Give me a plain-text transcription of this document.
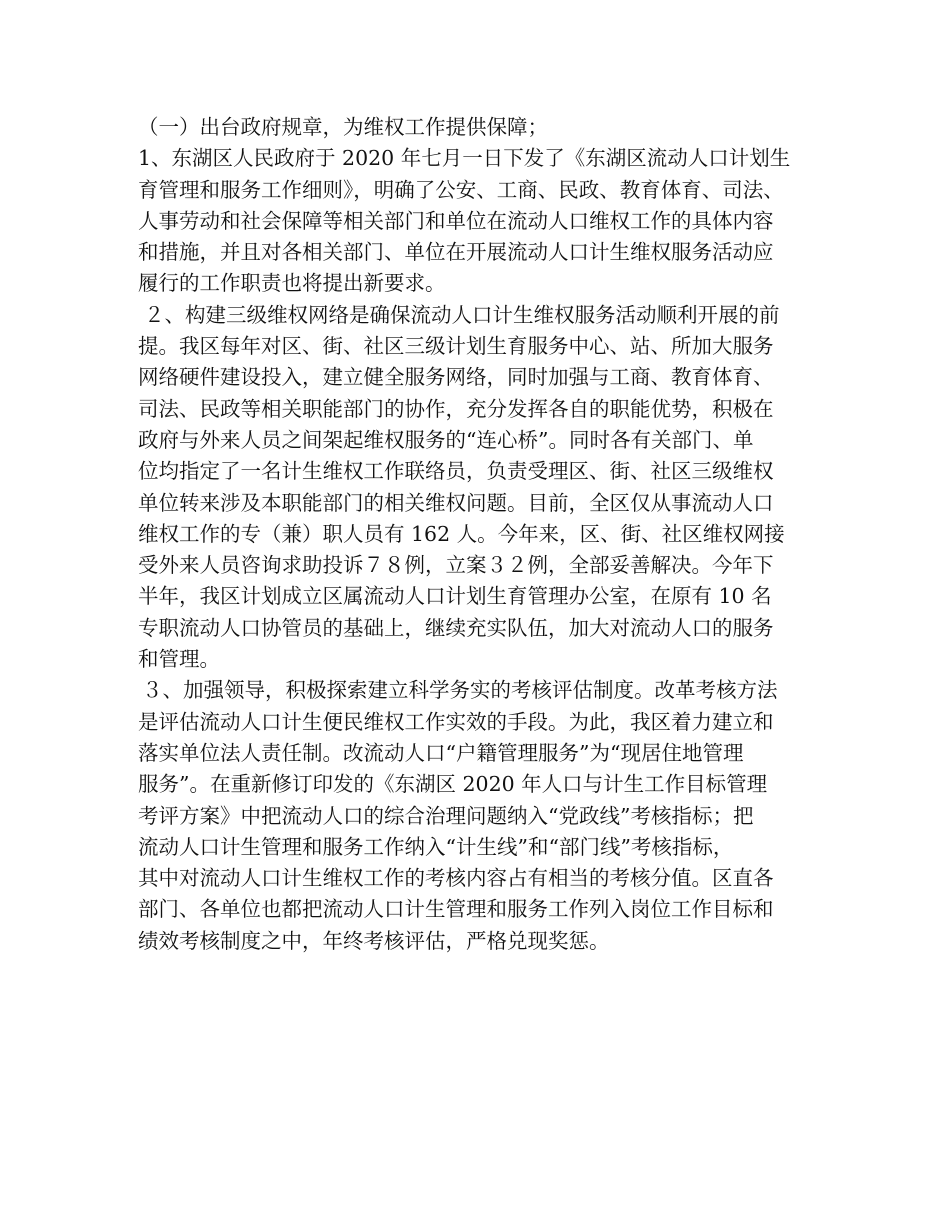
（一）出台政府规章，为维权工作提供保障；
1、东湖区人民政府于 2020 年七月一日下发了《东湖区流动人口计划生
育管理和服务工作细则》，明确了公安、工商、民政、教育体育、司法、
人事劳动和社会保障等相关部门和单位在流动人口维权工作的具体内容
和措施，并且对各相关部门、单位在开展流动人口计生维权服务活动应
履行的工作职责也将提出新要求。
２、构建三级维权网络是确保流动人口计生维权服务活动顺利开展的前
提。我区每年对区、街、社区三级计划生育服务中心、站、所加大服务
网络硬件建设投入，建立健全服务网络，同时加强与工商、教育体育、
司法、民政等相关职能部门的协作，充分发挥各自的职能优势，积极在
政府与外来人员之间架起维权服务的“连心桥”。同时各有关部门、单
位均指定了一名计生维权工作联络员，负责受理区、街、社区三级维权
单位转来涉及本职能部门的相关维权问题。目前，全区仅从事流动人口
维权工作的专（兼）职人员有 162 人。今年来，区、街、社区维权网接
受外来人员咨询求助投诉７８例，立案３２例，全部妥善解决。今年下
半年，我区计划成立区属流动人口计划生育管理办公室，在原有 10 名
专职流动人口协管员的基础上，继续充实队伍，加大对流动人口的服务
和管理。
３、加强领导，积极探索建立科学务实的考核评估制度。改革考核方法
是评估流动人口计生便民维权工作实效的手段。为此，我区着力建立和
落实单位法人责任制。改流动人口“户籍管理服务”为“现居住地管理
服务”。在重新修订印发的《东湖区 2020 年人口与计生工作目标管理
考评方案》中把流动人口的综合治理问题纳入“党政线”考核指标；把
流动人口计生管理和服务工作纳入“计生线”和“部门线”考核指标，
其中对流动人口计生维权工作的考核内容占有相当的考核分值。区直各
部门、各单位也都把流动人口计生管理和服务工作列入岗位工作目标和
绩效考核制度之中，年终考核评估，严格兑现奖惩。
